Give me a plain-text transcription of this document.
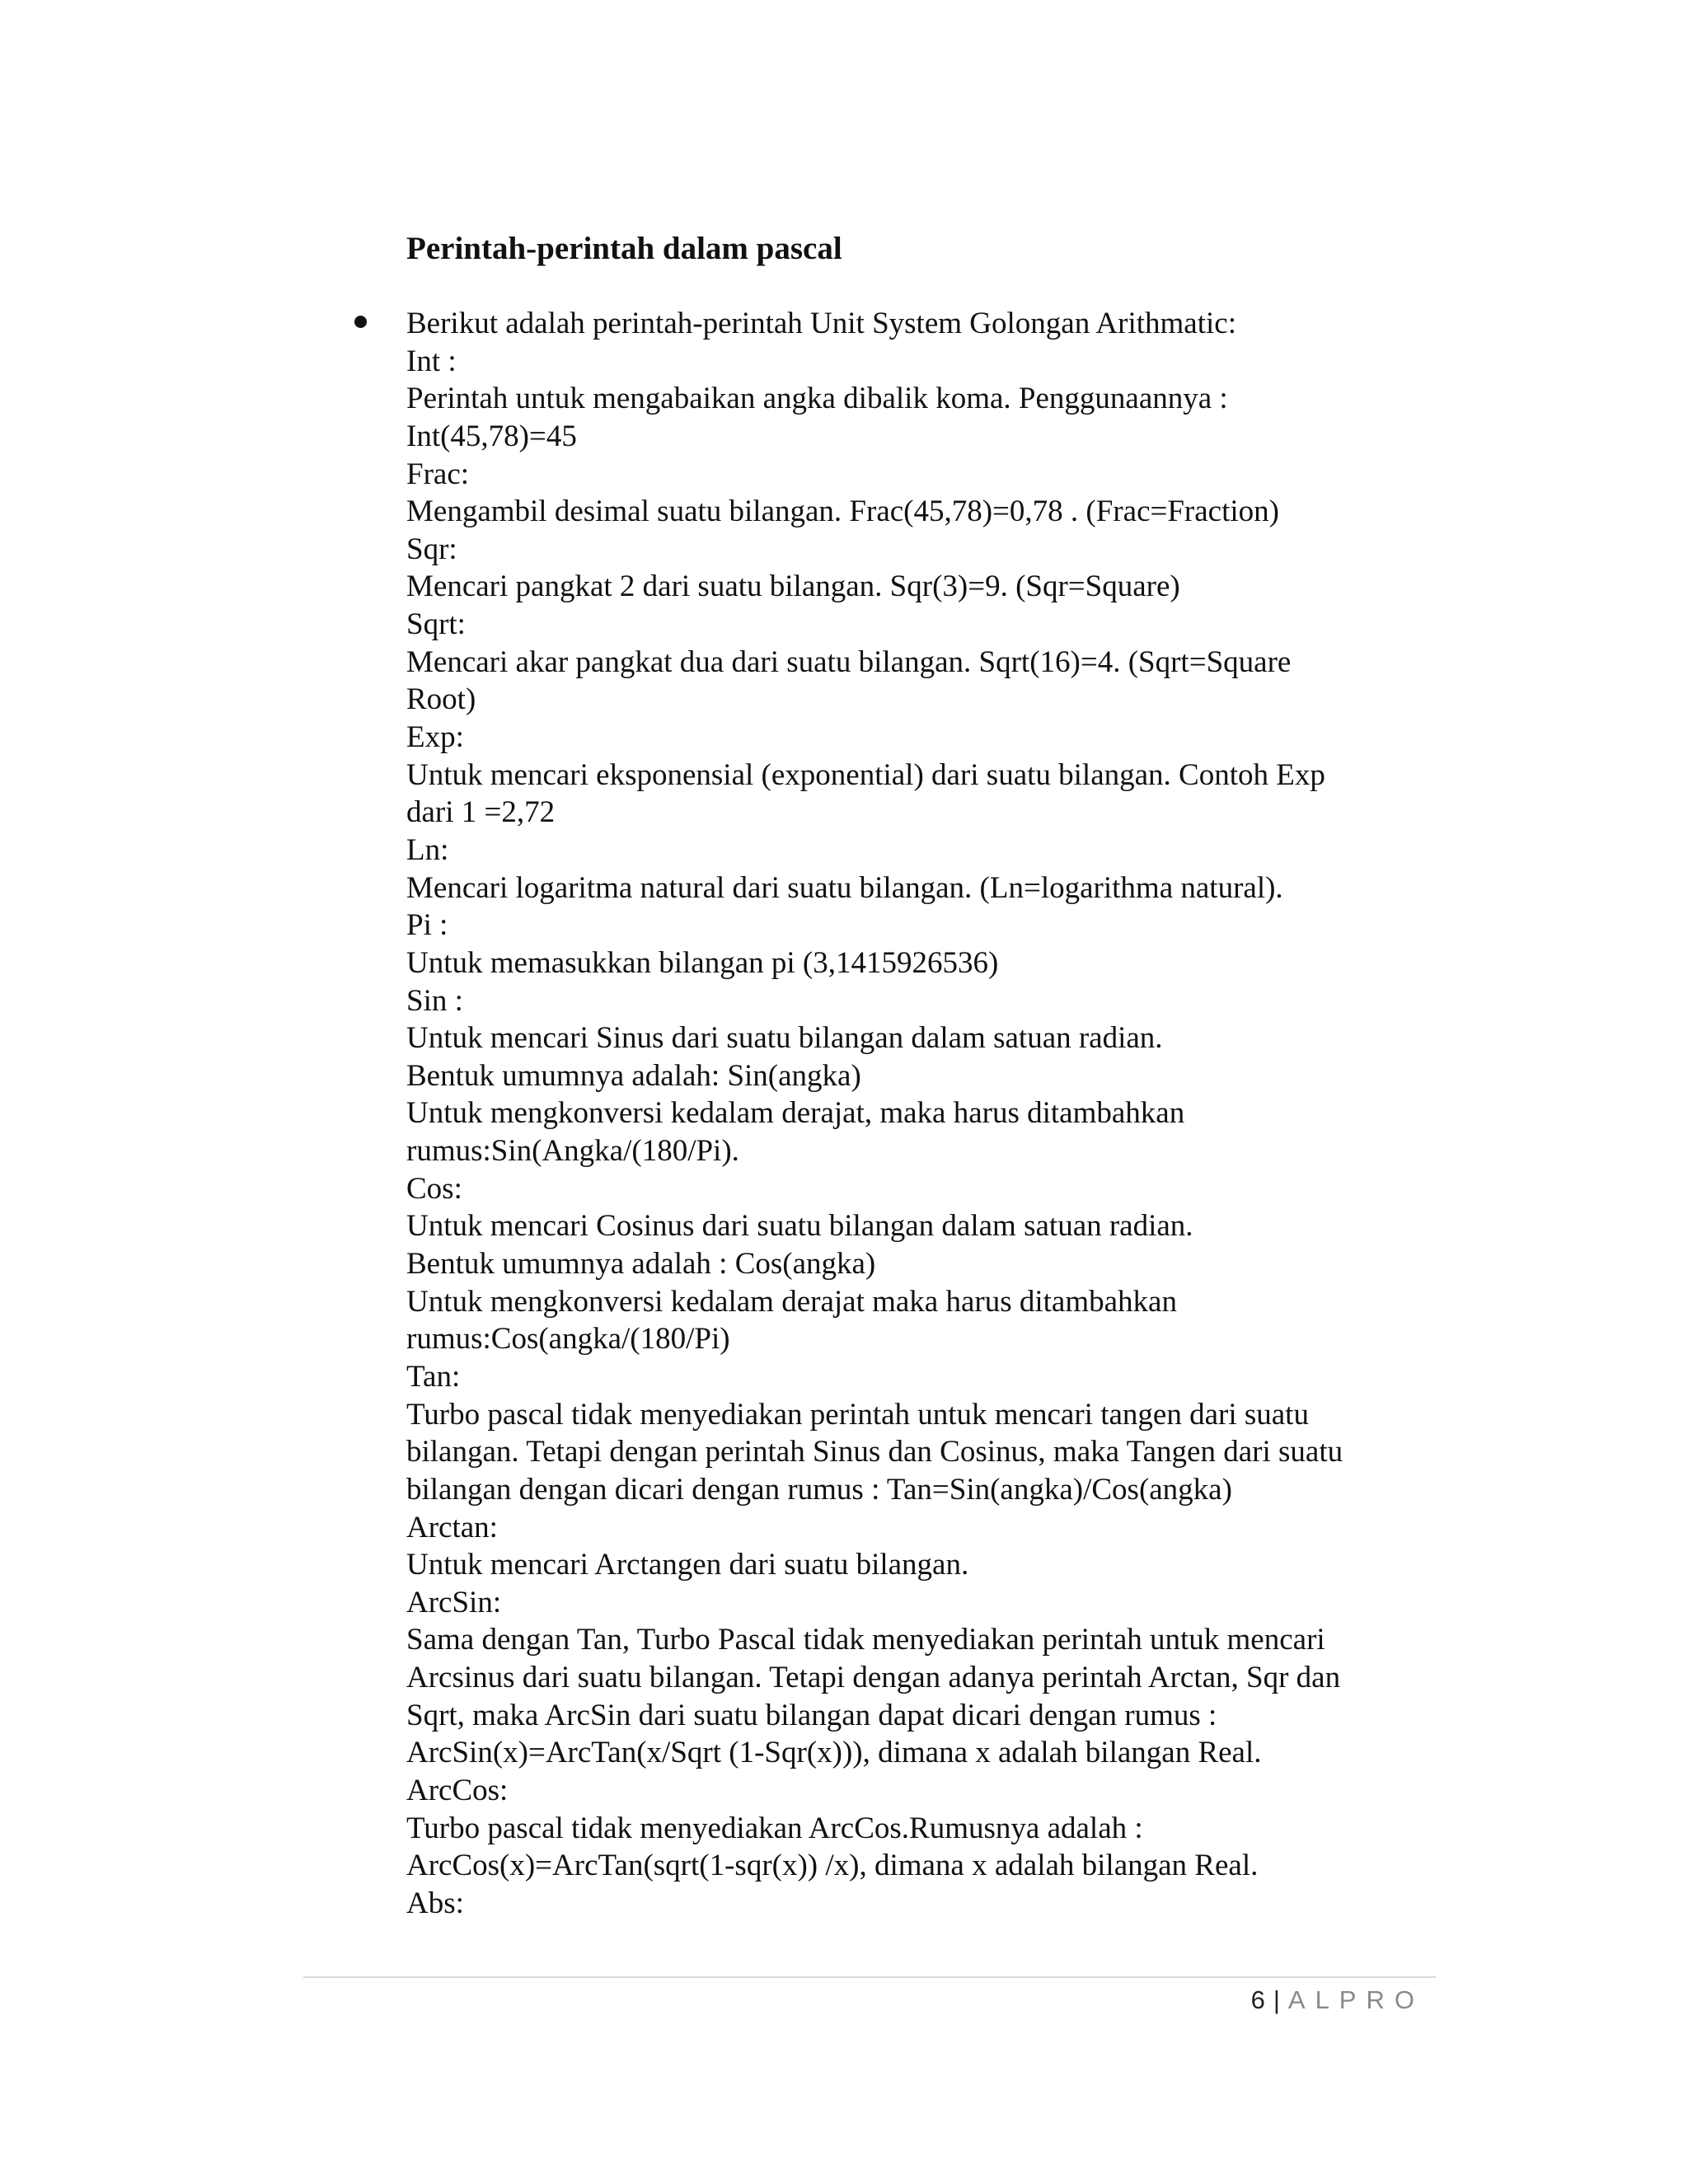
Perintah-perintah dalam pascal
Berikut adalah perintah-perintah Unit System Golongan Arithmatic:
Int :
Perintah untuk mengabaikan angka dibalik koma. Penggunaannya :
Int(45,78)=45
Frac:
Mengambil desimal suatu bilangan. Frac(45,78)=0,78 . (Frac=Fraction)
Sqr:
Mencari pangkat 2 dari suatu bilangan. Sqr(3)=9. (Sqr=Square)
Sqrt:
Mencari akar pangkat dua dari suatu bilangan. Sqrt(16)=4. (Sqrt=Square
Root)
Exp:
Untuk mencari eksponensial (exponential) dari suatu bilangan. Contoh Exp
dari 1 =2,72
Ln:
Mencari logaritma natural dari suatu bilangan. (Ln=logarithma natural).
Pi :
Untuk memasukkan bilangan pi (3,1415926536)
Sin :
Untuk mencari Sinus dari suatu bilangan dalam satuan radian.
Bentuk umumnya adalah: Sin(angka)
Untuk mengkonversi kedalam derajat, maka harus ditambahkan
rumus:Sin(Angka/(180/Pi).
Cos:
Untuk mencari Cosinus dari suatu bilangan dalam satuan radian.
Bentuk umumnya adalah : Cos(angka)
Untuk mengkonversi kedalam derajat maka harus ditambahkan
rumus:Cos(angka/(180/Pi)
Tan:
Turbo pascal tidak menyediakan perintah untuk mencari tangen dari suatu
bilangan. Tetapi dengan perintah Sinus dan Cosinus, maka Tangen dari suatu
bilangan dengan dicari dengan rumus : Tan=Sin(angka)/Cos(angka)
Arctan:
Untuk mencari Arctangen dari suatu bilangan.
ArcSin:
Sama dengan Tan, Turbo Pascal tidak menyediakan perintah untuk mencari
Arcsinus dari suatu bilangan. Tetapi dengan adanya perintah Arctan, Sqr dan
Sqrt, maka ArcSin dari suatu bilangan dapat dicari dengan rumus :
ArcSin(x)=ArcTan(x/Sqrt (1-Sqr(x))), dimana x adalah bilangan Real.
ArcCos:
Turbo pascal tidak menyediakan ArcCos.Rumusnya adalah :
ArcCos(x)=ArcTan(sqrt(1-sqr(x)) /x), dimana x adalah bilangan Real.
Abs:
6 | ALPRO
